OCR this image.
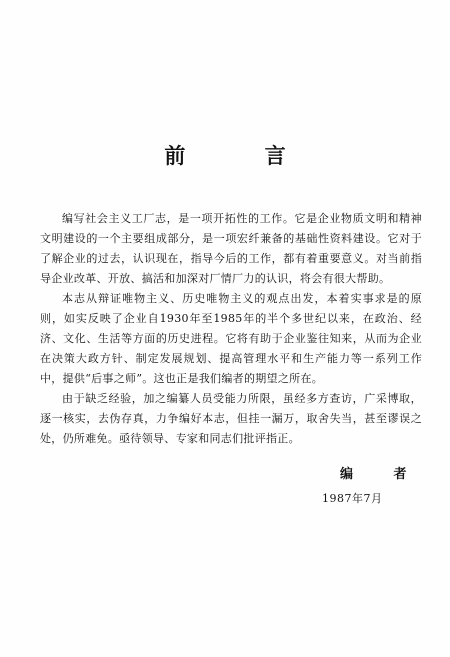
前 言

编写社会主义工厂志，是一项开拓性的工作。它是企业物质文明和精神文明建设的一个主要组成部分，是一项宏纤兼备的基础性资料建设。它对于了解企业的过去，认识现在，指导今后的工作，都有着重要意义。对当前指导企业改革、开放、搞活和加深对厂情厂力的认识，将会有很大帮助。

本志从辩证唯物主义、历史唯物主义的观点出发，本着实事求是的原则，如实反映了企业自1930年至1985年的半个多世纪以来，在政治、经济、文化、生活等方面的历史进程。它将有助于企业鉴往知来，从而为企业在决策大政方针、制定发展规划、提高管理水平和生产能力等一系列工作中，提供“后事之师”。这也正是我们编者的期望之所在。

由于缺乏经验，加之编纂人员受能力所限，虽经多方查访，广采博取，逐一核实，去伪存真，力争编好本志，但挂一漏万，取舍失当，甚至谬误之处，仍所难免。亟待领导、专家和同志们批评指正。

编 者
1987年7月
